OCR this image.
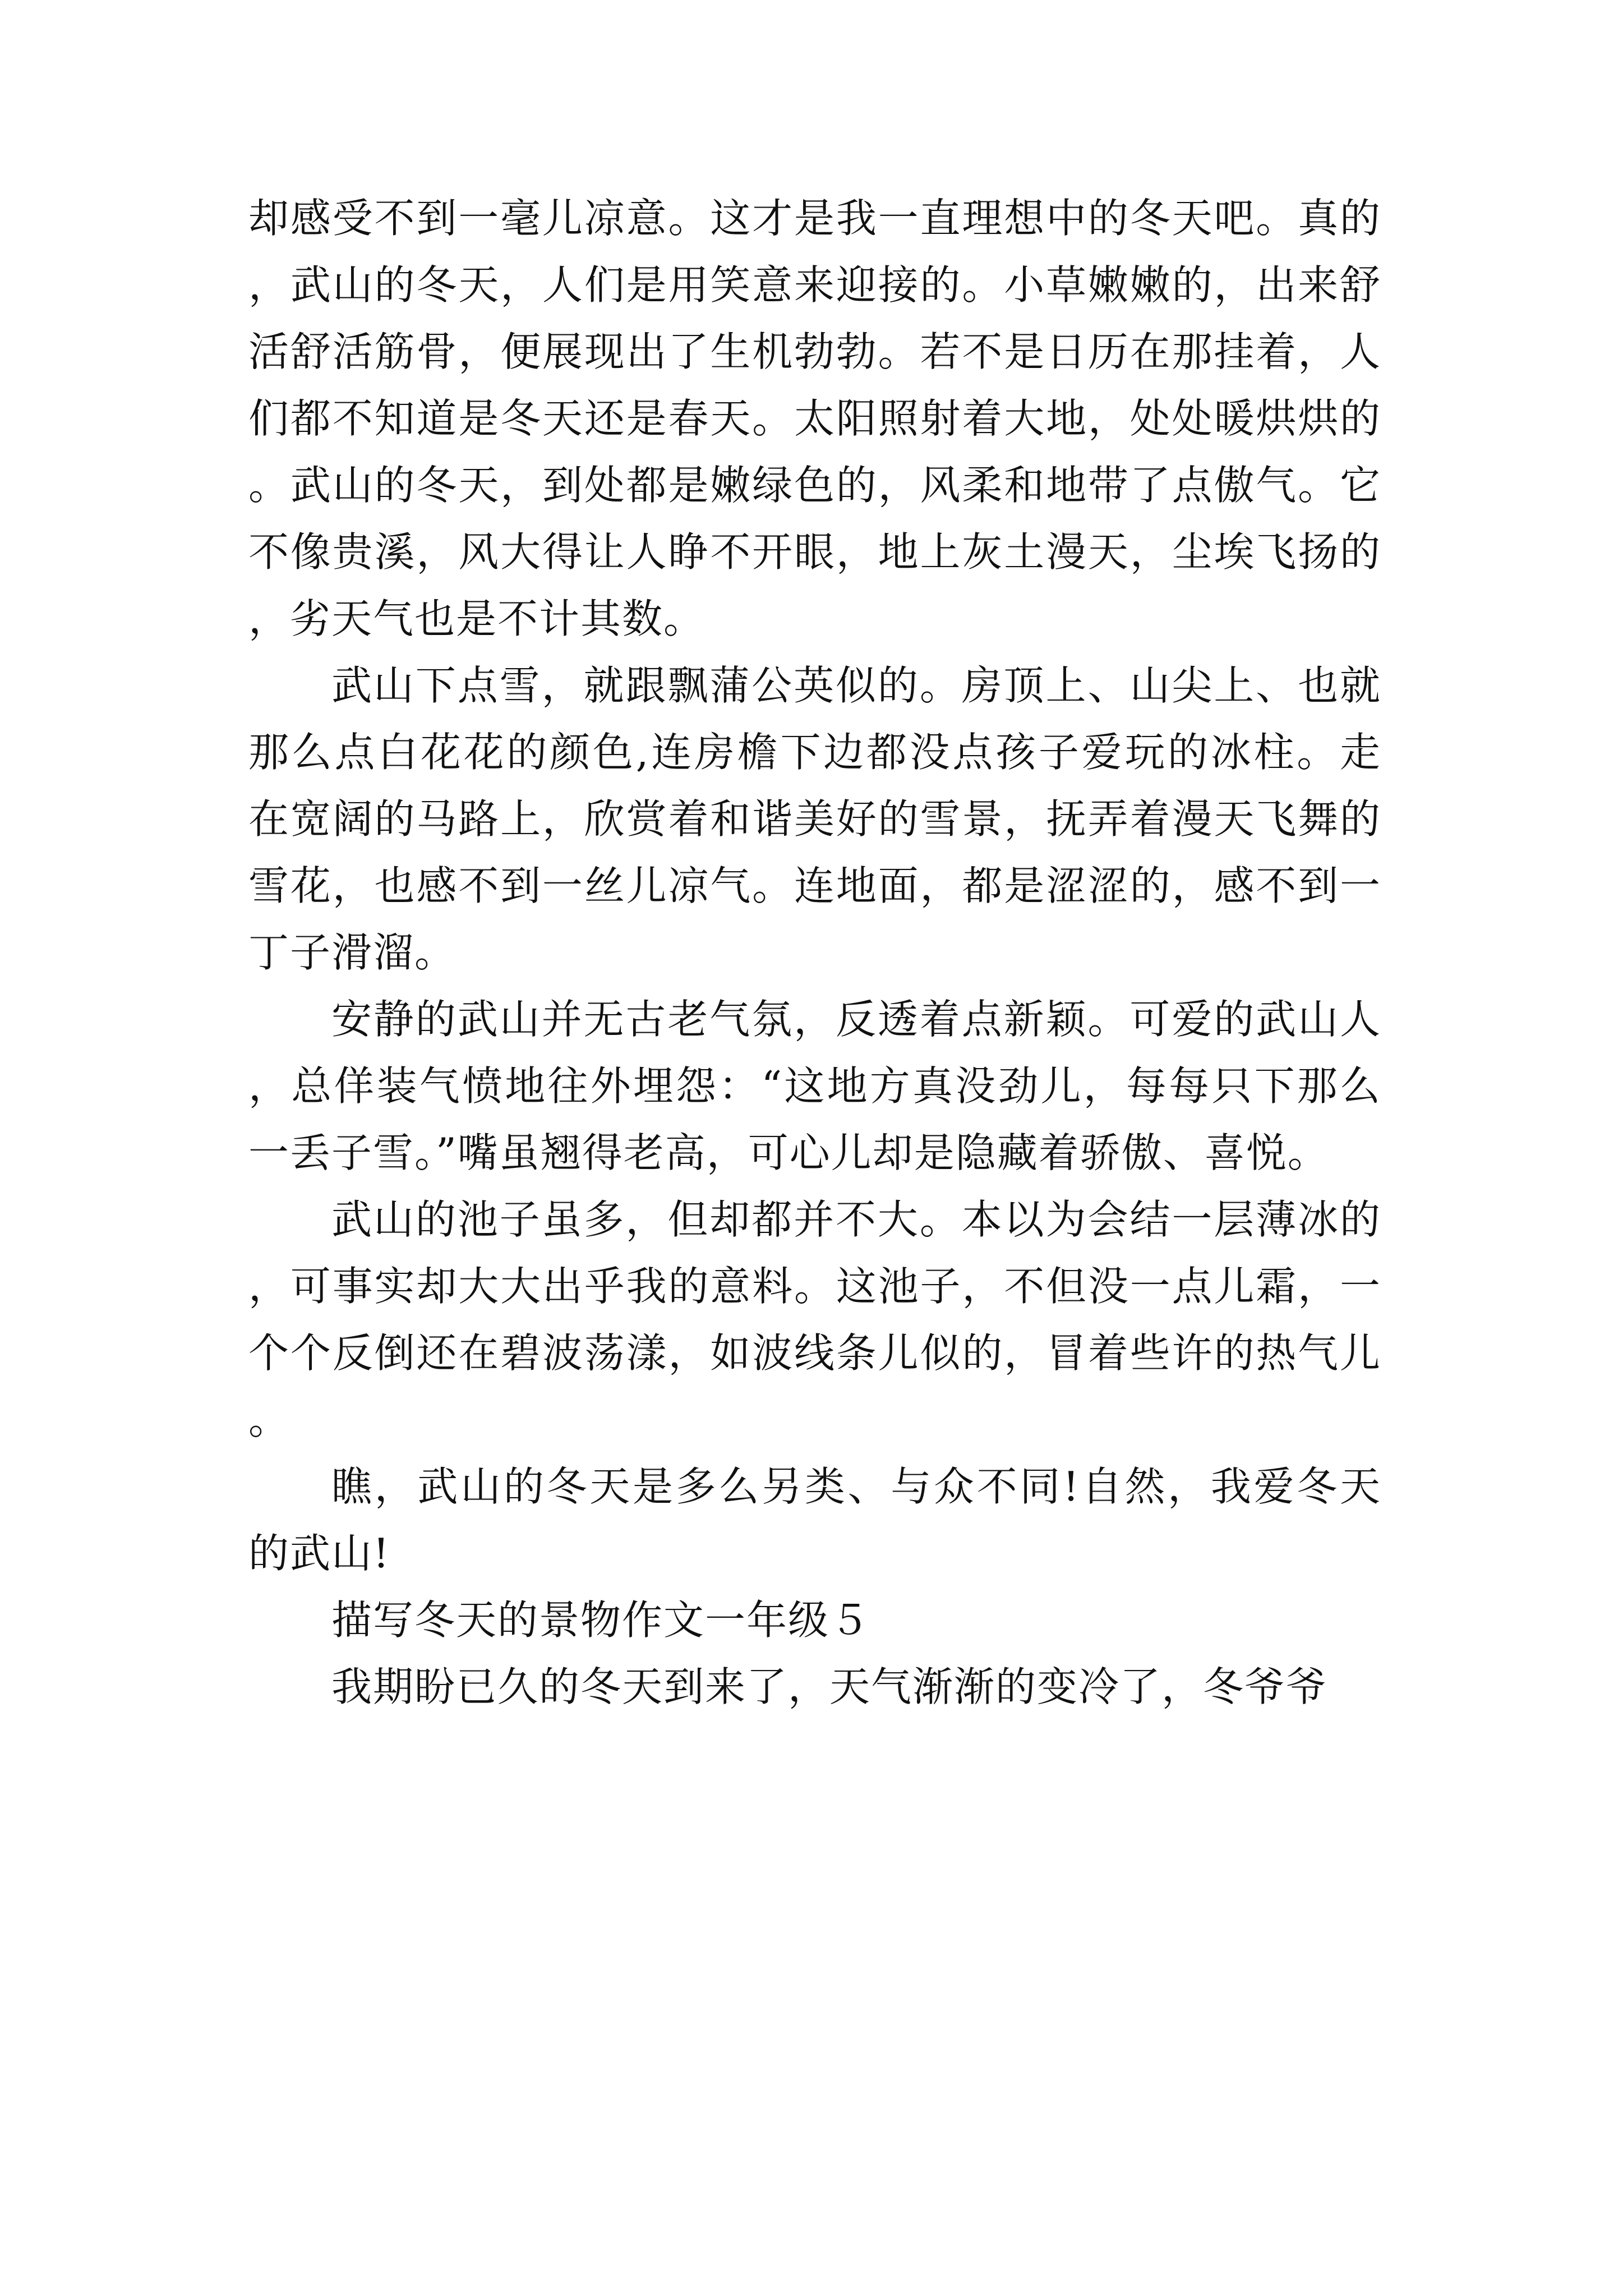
却感受不到一毫儿凉意。这才是我一直理想中的冬天吧。真的，武山的冬天，人们是用笑意来迎接的。小草嫩嫩的，出来舒活舒活筋骨，便展现出了生机勃勃。若不是日历在那挂着，人们都不知道是冬天还是春天。太阳照射着大地，处处暖烘烘的。武山的冬天，到处都是嫩绿色的，风柔和地带了点傲气。它不像贵溪，风大得让人睁不开眼，地上灰土漫天，尘埃飞扬的，劣天气也是不计其数。

武山下点雪，就跟飘蒲公英似的。房顶上、山尖上、也就那么点白花花的颜色,连房檐下边都没点孩子爱玩的冰柱。走在宽阔的马路上，欣赏着和谐美好的雪景，抚弄着漫天飞舞的雪花，也感不到一丝儿凉气。连地面，都是涩涩的，感不到一丁子滑溜。

安静的武山并无古老气氛，反透着点新颖。可爱的武山人，总佯装气愤地往外埋怨：“这地方真没劲儿，每每只下那么一丢子雪。”嘴虽翘得老高，可心儿却是隐藏着骄傲、喜悦。

武山的池子虽多，但却都并不大。本以为会结一层薄冰的，可事实却大大出乎我的意料。这池子，不但没一点儿霜，一个个反倒还在碧波荡漾，如波线条儿似的，冒着些许的热气儿。

瞧，武山的冬天是多么另类、与众不同!自然，我爱冬天的武山!

描写冬天的景物作文一年级５

我期盼已久的冬天到来了，天气渐渐的变冷了，冬爷爷
